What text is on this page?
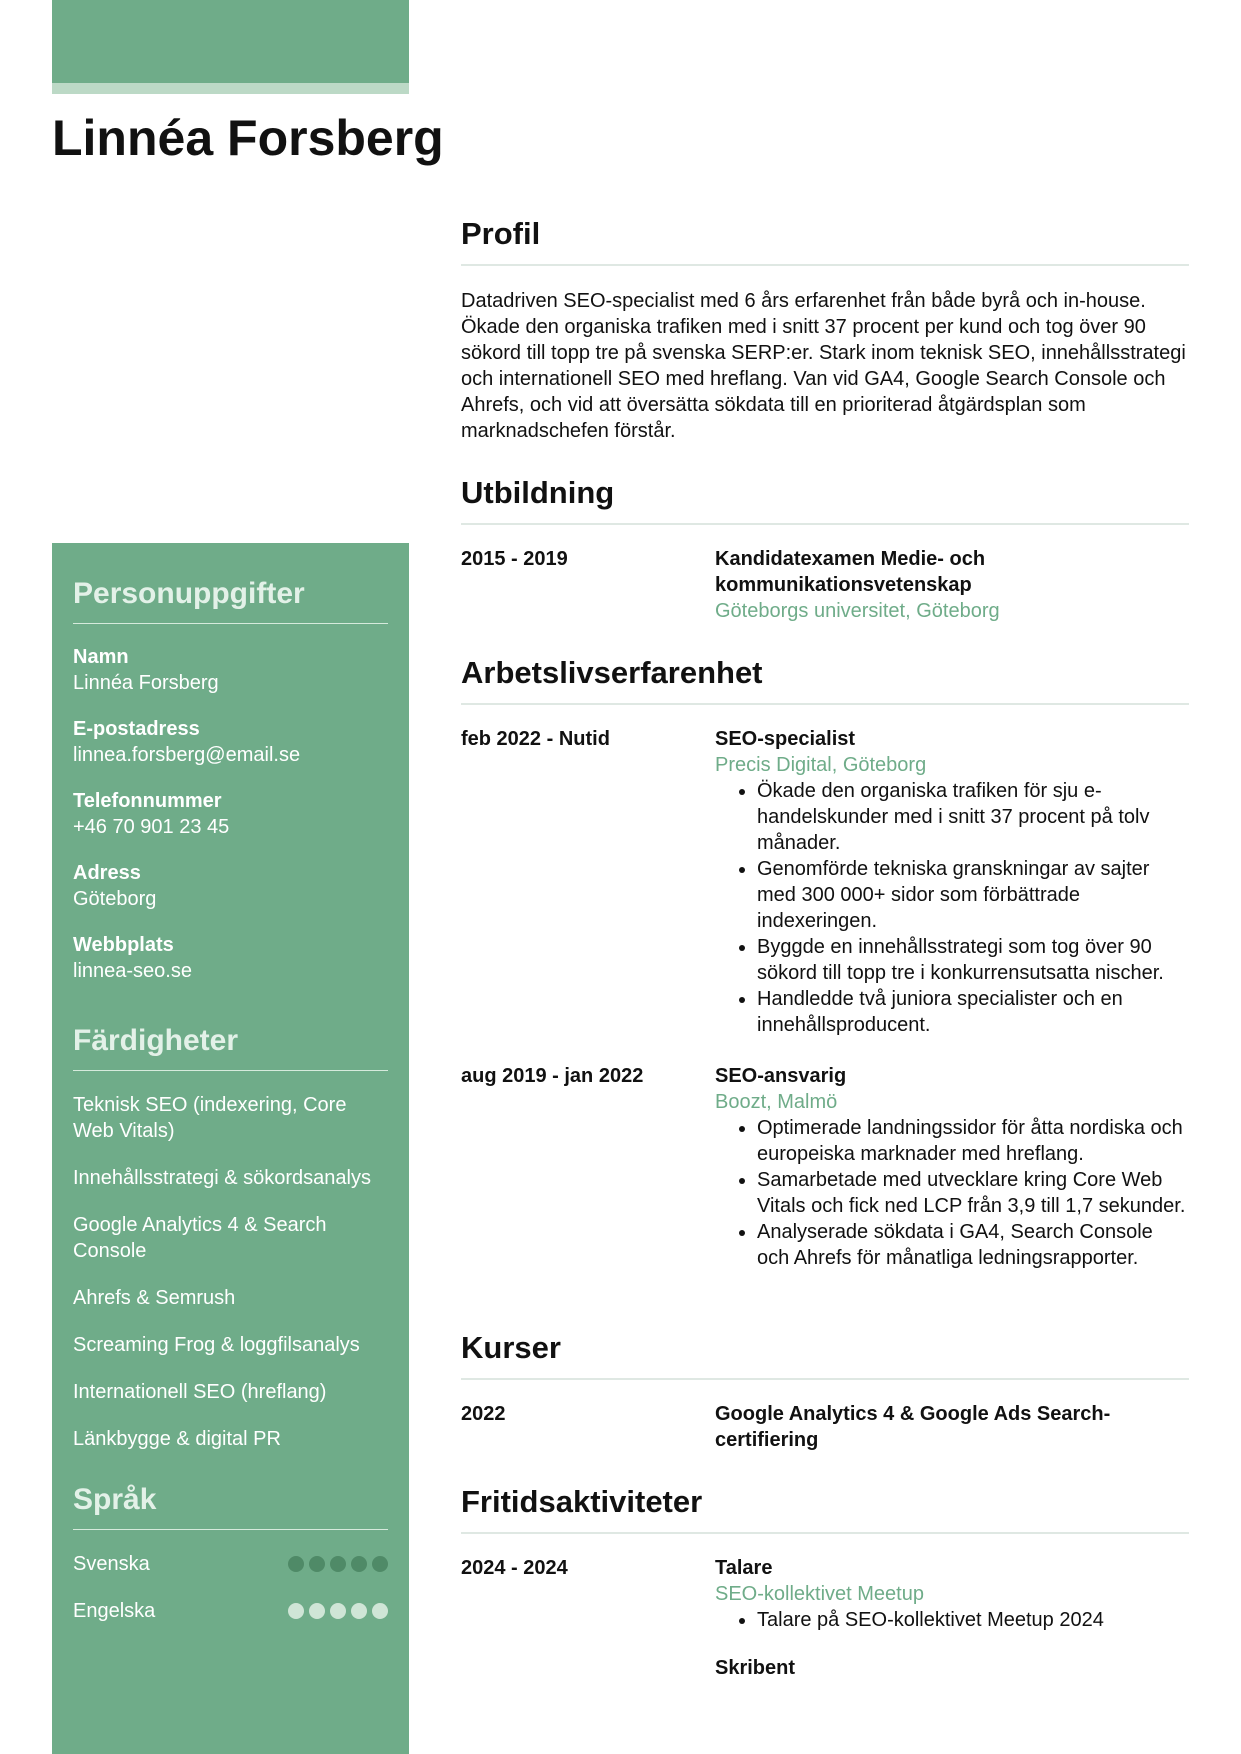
Linnéa Forsberg
Personuppgifter
Namn
Linnéa Forsberg
E-postadress
linnea.forsberg@email.se
Telefonnummer
+46 70 901 23 45
Adress
Göteborg
Webbplats
linnea-seo.se
Färdigheter
Teknisk SEO (indexering, Core Web Vitals)
Innehållsstrategi & sökordsanalys
Google Analytics 4 & Search Console
Ahrefs & Semrush
Screaming Frog & loggfilsanalys
Internationell SEO (hreflang)
Länkbygge & digital PR
Språk
Svenska
Engelska
Profil

Datadriven SEO-specialist med 6 års erfarenhet från både byrå och in-house. Ökade den organiska trafiken med i snitt 37 procent per kund och tog över 90 sökord till topp tre på svenska SERP:er. Stark inom teknisk SEO, innehållsstrategi och internationell SEO med hreflang. Van vid GA4, Google Search Console och Ahrefs, och vid att översätta sökdata till en prioriterad åtgärdsplan som marknadschefen förstår.

Utbildning
2015 - 2019	Kandidatexamen Medie- och kommunikationsvetenskap
Göteborgs universitet, Göteborg
Arbetslivserfarenhet
feb 2022 - Nutid	SEO-specialist
Precis Digital, Göteborg
• Ökade den organiska trafiken för sju e-handelskunder med i snitt 37 procent på tolv månader.
• Genomförde tekniska granskningar av sajter med 300 000+ sidor som förbättrade indexeringen.
• Byggde en innehållsstrategi som tog över 90 sökord till topp tre i konkurrensutsatta nischer.
• Handledde två juniora specialister och en innehållsproducent.
aug 2019 - jan 2022	SEO-ansvarig
Boozt, Malmö
• Optimerade landningssidor för åtta nordiska och europeiska marknader med hreflang.
• Samarbetade med utvecklare kring Core Web Vitals och fick ned LCP från 3,9 till 1,7 sekunder.
• Analyserade sökdata i GA4, Search Console och Ahrefs för månatliga ledningsrapporter.
Kurser
2022	Google Analytics 4 & Google Ads Search-certifiering
Fritidsaktiviteter
2024 - 2024	Talare
SEO-kollektivet Meetup
• Talare på SEO-kollektivet Meetup 2024
Skribent
